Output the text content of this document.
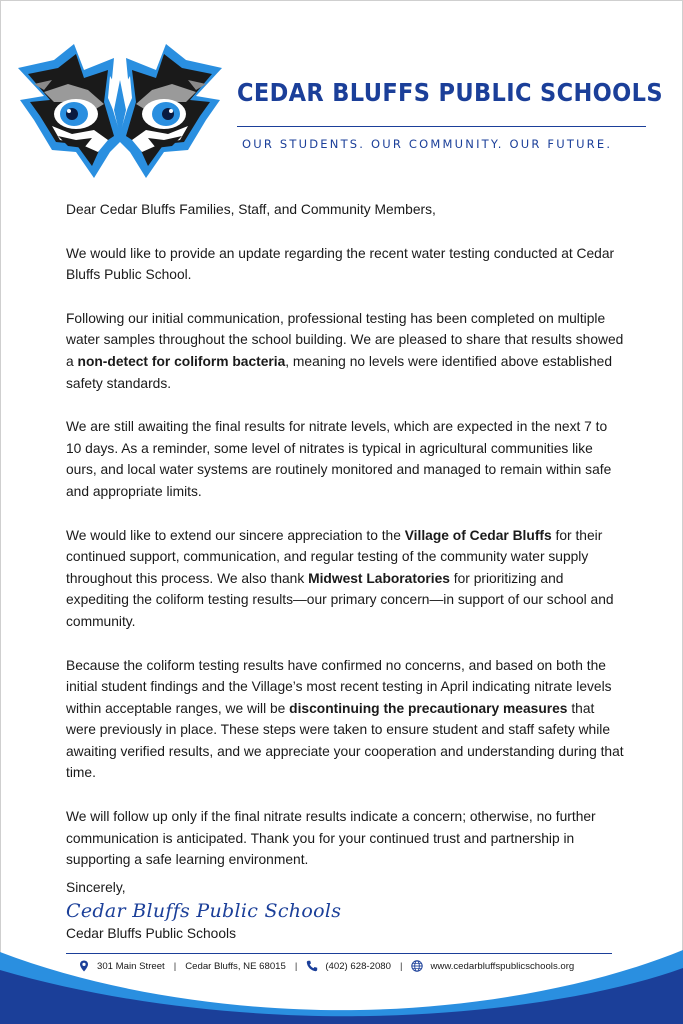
CEDAR BLUFFS PUBLIC SCHOOLS
OUR STUDENTS. OUR COMMUNITY. OUR FUTURE.

Dear Cedar Bluffs Families, Staff, and Community Members,

We would like to provide an update regarding the recent water testing conducted at Cedar Bluffs Public School.

Following our initial communication, professional testing has been completed on multiple water samples throughout the school building. We are pleased to share that results showed a non-detect for coliform bacteria, meaning no levels were identified above established safety standards.

We are still awaiting the final results for nitrate levels, which are expected in the next 7 to 10 days. As a reminder, some level of nitrates is typical in agricultural communities like ours, and local water systems are routinely monitored and managed to remain within safe and appropriate limits.

We would like to extend our sincere appreciation to the Village of Cedar Bluffs for their continued support, communication, and regular testing of the community water supply throughout this process. We also thank Midwest Laboratories for prioritizing and expediting the coliform testing results—our primary concern—in support of our school and community.

Because the coliform testing results have confirmed no concerns, and based on both the initial student findings and the Village’s most recent testing in April indicating nitrate levels within acceptable ranges, we will be discontinuing the precautionary measures that were previously in place. These steps were taken to ensure student and staff safety while awaiting verified results, and we appreciate your cooperation and understanding during that time.

We will follow up only if the final nitrate results indicate a concern; otherwise, no further communication is anticipated. Thank you for your continued trust and partnership in supporting a safe learning environment.

Sincerely,
Cedar Bluffs Public Schools
Cedar Bluffs Public Schools
301 Main Street | Cedar Bluffs, NE 68015 |	(402) 628-2080 |	www.cedarbluffspublicschools.org
